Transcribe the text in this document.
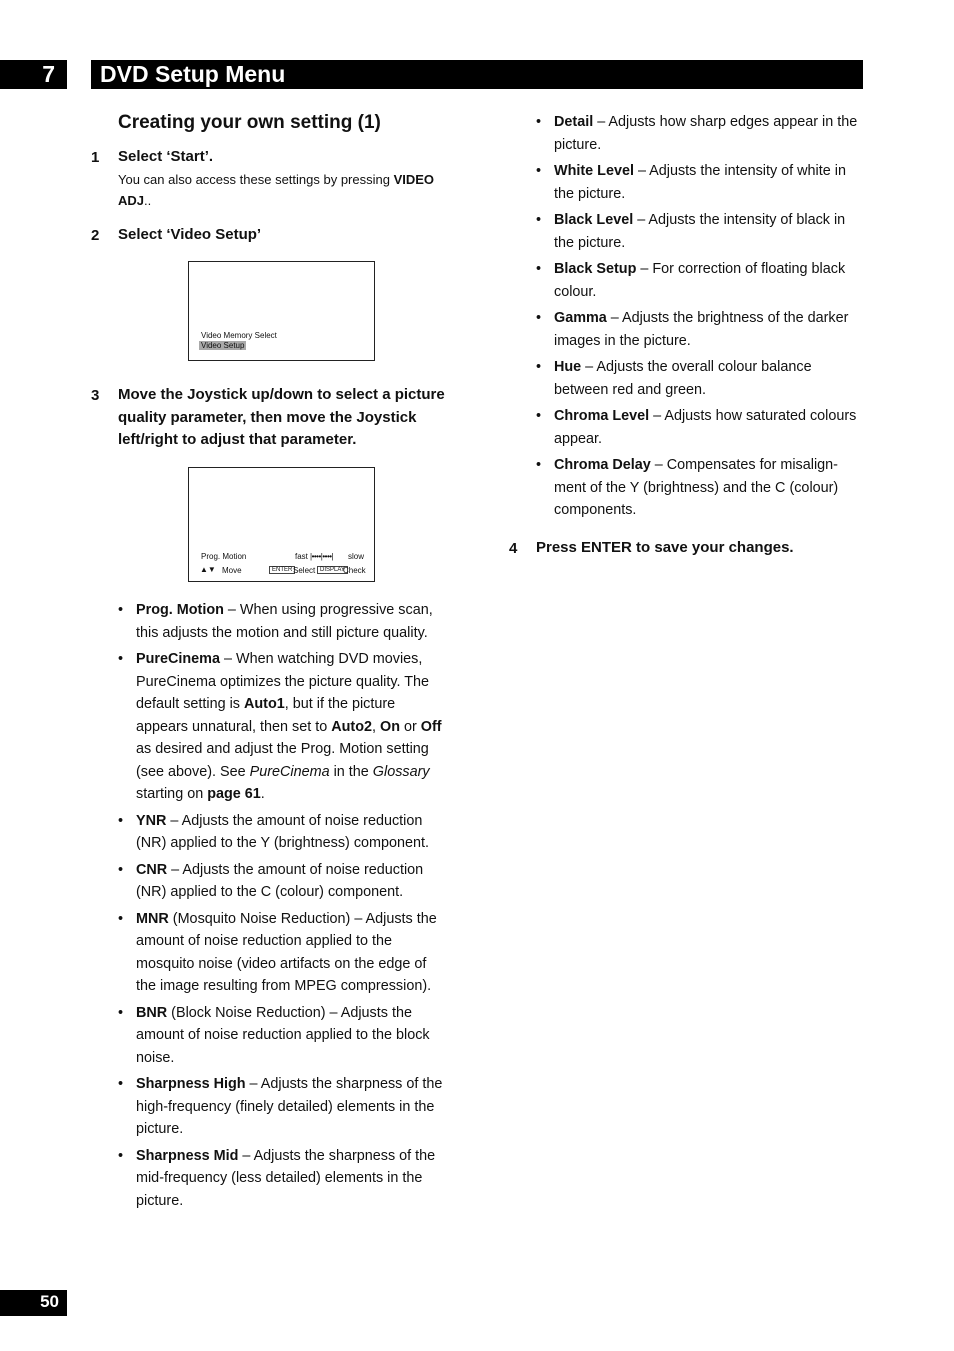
7 DVD Setup Menu
Creating your own setting (1)
1 Select ‘Start’.
You can also access these settings by pressing VIDEO ADJ..
2 Select ‘Video Setup’
Video Memory Select
Video Setup
3 Move the Joystick up/down to select a picture quality parameter, then move the Joystick left/right to adjust that parameter.
Prog. Motion	fast |••••|••••| slow
▲▼ Move	ENTER Select DISPLAY
Check
• Prog. Motion – When using progressive scan, this adjusts the motion and still picture quality.
• PureCinema – When watching DVD movies, PureCinema optimizes the picture quality. The default setting is Auto1, but if the picture appears unnatural, then set to Auto2, On or Off as desired and adjust the Prog. Motion setting (see above). See PureCinema in the Glossary starting on page 61.
• YNR – Adjusts the amount of noise reduction (NR) applied to the Y (brightness) component.
• CNR – Adjusts the amount of noise reduction (NR) applied to the C (colour) component.
• MNR (Mosquito Noise Reduction) – Adjusts the amount of noise reduction applied to the mosquito noise (video artifacts on the edge of the image resulting from MPEG compression).
• BNR (Block Noise Reduction) – Adjusts the amount of noise reduction applied to the block noise.
• Sharpness High – Adjusts the sharpness of the high-frequency (finely detailed) elements in the picture.
• Sharpness Mid – Adjusts the sharpness of the mid-frequency (less detailed) elements in the picture.
• Detail – Adjusts how sharp edges appear in the picture.
• White Level – Adjusts the intensity of white in the picture.
• Black Level – Adjusts the intensity of black in the picture.
• Black Setup – For correction of floating black colour.
• Gamma – Adjusts the brightness of the darker images in the picture.
• Hue – Adjusts the overall colour balance between red and green.
• Chroma Level – Adjusts how saturated colours appear.
• Chroma Delay – Compensates for misalign-ment of the Y (brightness) and the C (colour) components.
4 Press ENTER to save your changes.
50
